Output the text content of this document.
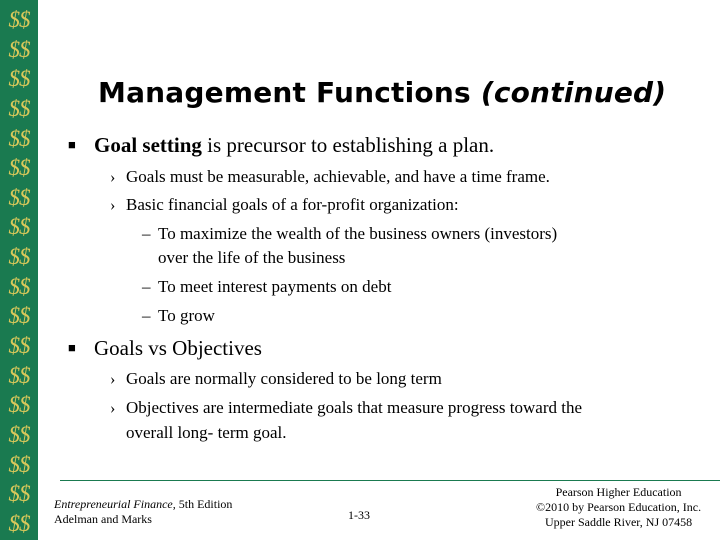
$$
$$
$$
$$
$$
$$
$$
$$
$$
$$
$$
$$
$$
$$
$$
$$
$$
$$
Management Functions (continued)
■ Goal setting is precursor to establishing a plan.
› Goals must be measurable, achievable, and have a time frame.
› Basic financial goals of a for-profit organization:
– To maximize the wealth of the business owners (investors)
over the life of the business
– To meet interest payments on debt
– To grow
■ Goals vs Objectives
› Goals are normally considered to be long term
› Objectives are intermediate goals that measure progress toward the
overall long- term goal.
Entrepreneurial Finance, 5th Edition
Adelman and Marks	1-33
Pearson Higher Education
©2010 by Pearson Education, Inc.
Upper Saddle River, NJ 07458
